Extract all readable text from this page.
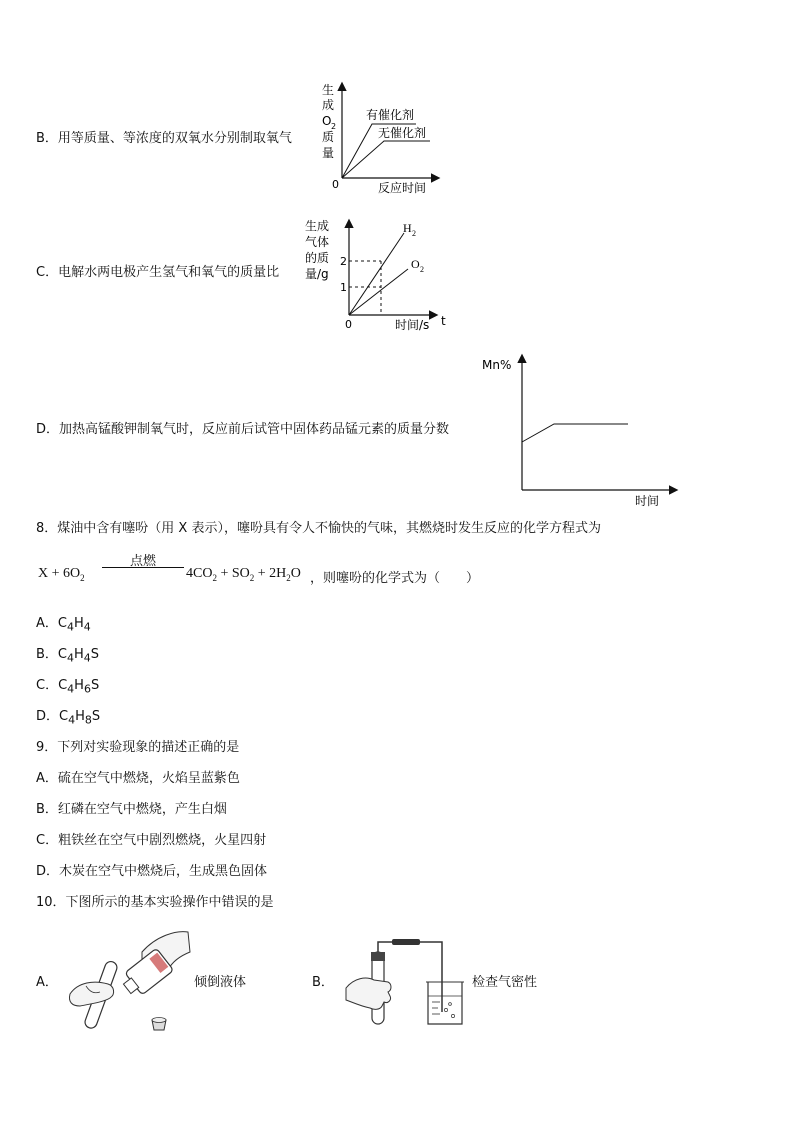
B．用等质量、等浓度的双氧水分别制取氧气
生
成
O 2
质
量
0	反应时间
有催化剂
无催化剂
C．电解水两电极产生氢气和氧气的质量比
生成
气体
的质
量/g
2
1
0	时间/s t
H 2
O 2
D．加热高锰酸钾制氧气时，反应前后试管中固体药品锰元素的质量分数
Mn%
时间
8．煤油中含有噻吩（用 X 表示），噻吩具有令人不愉快的气味，其燃烧时发生反应的化学方程式为
$X + 6O_2$
点燃
$4CO_2 + SO_2 + 2H_2O$ ，则噻吩的化学式为（　　）
A．$C_4H_4$
B．$C_4H_4S$
C．$C_4H_6S$
D．$C_4H_8S$
9．下列对实验现象的描述正确的是
A．硫在空气中燃烧，火焰呈蓝紫色
B．红磷在空气中燃烧，产生白烟
C．粗铁丝在空气中剧烈燃烧，火星四射
D．木炭在空气中燃烧后，生成黑色固体
10．下图所示的基本实验操作中错误的是
A．	倾倒液体	B．	检查气密性
